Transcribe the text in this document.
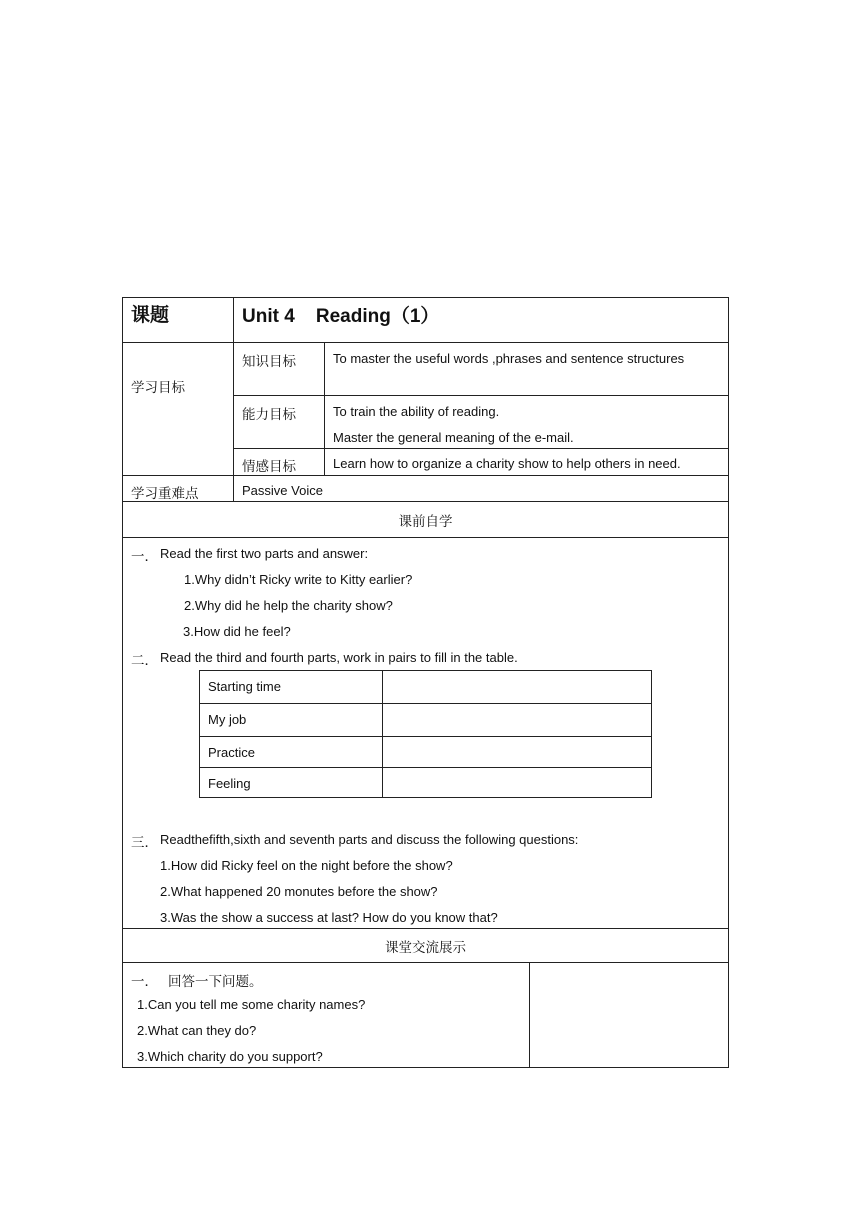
课题	Unit 4    Reading（1）
学习目标
知识目标	To master the useful words ,phrases and sentence structures
能力目标	To train the ability of reading.
Master the general meaning of the e-mail.
情感目标	Learn how to organize a charity show to help others in need.
学习重难点	Passive Voice
课前自学
一． Read the first two parts and answer:
1.Why didn’t Ricky write to Kitty earlier?
2.Why did he help the charity show?
3.How did he feel?
二． Read the third and fourth parts, work in pairs to fill in the table.
Starting time
My job
Practice
Feeling
三． Readthefifth,sixth and seventh parts and discuss the following questions:
1.How did Ricky feel on the night before the show?
2.What happened 20 monutes before the show?
3.Was the show a success at last? How do you know that?
课堂交流展示
一． 回答一下问题。
1.Can you tell me some charity names?
2.What can they do?
3.Which charity do you support?
